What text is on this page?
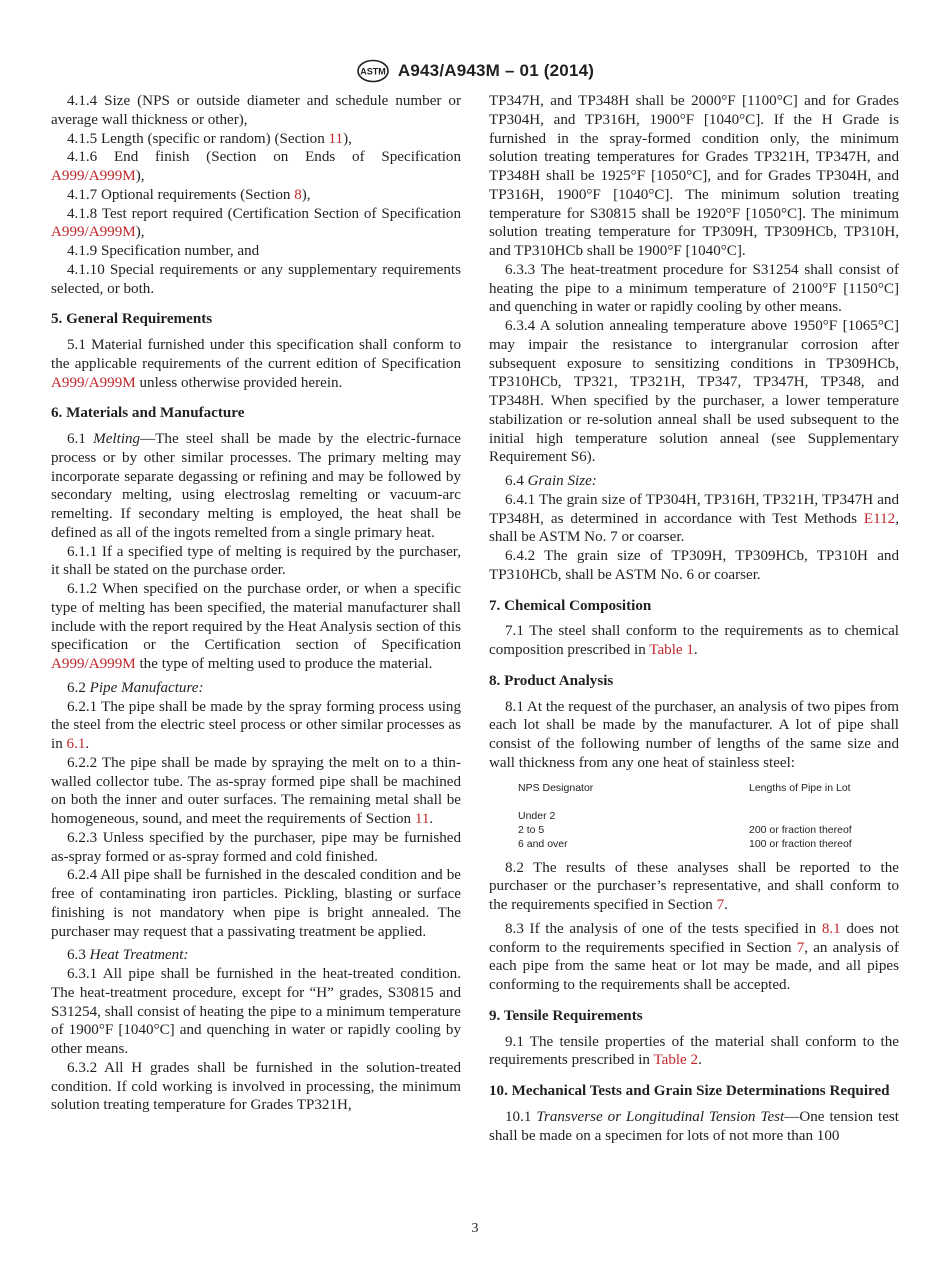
ASTM A943/A943M – 01 (2014)

4.1.4 Size (NPS or outside diameter and schedule number or average wall thickness or other),

4.1.5 Length (specific or random) (Section 11),

4.1.6 End finish (Section on Ends of Specification A999/A999M),

4.1.7 Optional requirements (Section 8),

4.1.8 Test report required (Certification Section of Specification A999/A999M),

4.1.9 Specification number, and

4.1.10 Special requirements or any supplementary requirements selected, or both.

5. General Requirements

5.1 Material furnished under this specification shall conform to the applicable requirements of the current edition of Specification A999/A999M unless otherwise provided herein.

6. Materials and Manufacture

6.1 Melting—The steel shall be made by the electric-furnace process or by other similar processes. The primary melting may incorporate separate degassing or refining and may be followed by secondary melting, using electroslag remelting or vacuum-arc remelting. If secondary melting is employed, the heat shall be defined as all of the ingots remelted from a single primary heat.

6.1.1 If a specified type of melting is required by the purchaser, it shall be stated on the purchase order.

6.1.2 When specified on the purchase order, or when a specific type of melting has been specified, the material manufacturer shall include with the report required by the Heat Analysis section of this specification or the Certification section of Specification A999/A999M the type of melting used to produce the material.

6.2 Pipe Manufacture:

6.2.1 The pipe shall be made by the spray forming process using the steel from the electric steel process or other similar processes as in 6.1.

6.2.2 The pipe shall be made by spraying the melt on to a thin-walled collector tube. The as-spray formed pipe shall be machined on both the inner and outer surfaces. The remaining metal shall be homogeneous, sound, and meet the requirements of Section 11.

6.2.3 Unless specified by the purchaser, pipe may be furnished as-spray formed or as-spray formed and cold finished.

6.2.4 All pipe shall be furnished in the descaled condition and be free of contaminating iron particles. Pickling, blasting or surface finishing is not mandatory when pipe is bright annealed. The purchaser may request that a passivating treatment be applied.

6.3 Heat Treatment:

6.3.1 All pipe shall be furnished in the heat-treated condition. The heat-treatment procedure, except for “H” grades, S30815 and S31254, shall consist of heating the pipe to a minimum temperature of 1900°F [1040°C] and quenching in water or rapidly cooling by other means.

6.3.2 All H grades shall be furnished in the solution-treated condition. If cold working is involved in processing, the minimum solution treating temperature for Grades TP321H,

TP347H, and TP348H shall be 2000°F [1100°C] and for Grades TP304H, and TP316H, 1900°F [1040°C]. If the H Grade is furnished in the spray-formed condition only, the minimum solution treating temperatures for Grades TP321H, TP347H, and TP348H shall be 1925°F [1050°C], and for Grades TP304H, and TP316H, 1900°F [1040°C]. The minimum solution treating temperature for S30815 shall be 1920°F [1050°C]. The minimum solution treating temperature for TP309H, TP309HCb, TP310H, and TP310HCb shall be 1900°F [1040°C].

6.3.3 The heat-treatment procedure for S31254 shall consist of heating the pipe to a minimum temperature of 2100°F [1150°C] and quenching in water or rapidly cooling by other means.

6.3.4 A solution annealing temperature above 1950°F [1065°C] may impair the resistance to intergranular corrosion after subsequent exposure to sensitizing conditions in TP309HCb, TP310HCb, TP321, TP321H, TP347, TP347H, TP348, and TP348H. When specified by the purchaser, a lower temperature stabilization or re-solution anneal shall be used subsequent to the initial high temperature solution anneal (see Supplementary Requirement S6).

6.4 Grain Size:

6.4.1 The grain size of TP304H, TP316H, TP321H, TP347H and TP348H, as determined in accordance with Test Methods E112, shall be ASTM No. 7 or coarser.

6.4.2 The grain size of TP309H, TP309HCb, TP310H and TP310HCb, shall be ASTM No. 6 or coarser.

7. Chemical Composition

7.1 The steel shall conform to the requirements as to chemical composition prescribed in Table 1.

8. Product Analysis

8.1 At the request of the purchaser, an analysis of two pipes from each lot shall be made by the manufacturer. A lot of pipe shall consist of the following number of lengths of the same size and wall thickness from any one heat of stainless steel:

NPS Designator	Lengths of Pipe in Lot
Under 2
2 to 5	200 or fraction thereof
6 and over	100 or fraction thereof

8.2 The results of these analyses shall be reported to the purchaser or the purchaser’s representative, and shall conform to the requirements specified in Section 7.

8.3 If the analysis of one of the tests specified in 8.1 does not conform to the requirements specified in Section 7, an analysis of each pipe from the same heat or lot may be made, and all pipes conforming to the requirements shall be accepted.

9. Tensile Requirements

9.1 The tensile properties of the material shall conform to the requirements prescribed in Table 2.

10. Mechanical Tests and Grain Size Determinations Required

10.1 Transverse or Longitudinal Tension Test—One tension test shall be made on a specimen for lots of not more than 100

3
